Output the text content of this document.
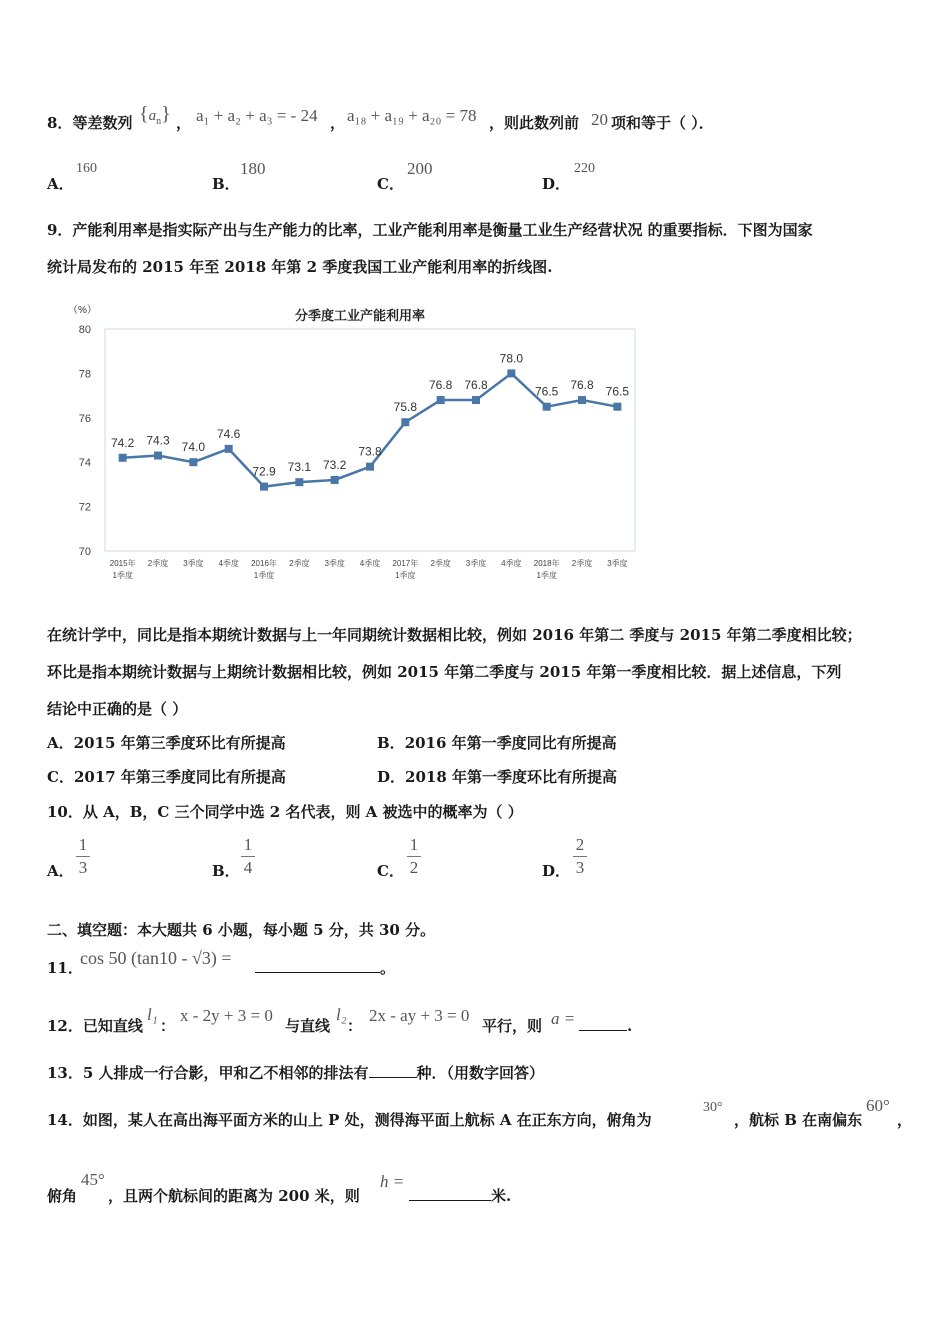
8．等差数列 $\{a_n\}$ ， a₁ + a₂ + a₃ = - 24 ， a₁₈ + a₁₉ + a₂₀ = 78 ，则此数列前 20 项和等于（ ）．
A．
160
B．
180
C．
200
D．
220
9．产能利用率是指实际产出与生产能力的比率，工业产能利用率是衡量工业生产经营状况 的重要指标．下图为国家
统计局发布的 2015 年至 2018 年第 2 季度我国工业产能利用率的折线图.
（%）	分季度工业产能利用率
80
78
76
74
72
70
2015年
1季度
2季度 3季度 4季度 2016年
1季度
2季度 3季度 4季度 2017年
1季度
2季度 3季度 4季度 2018年
1季度
2季度 3季度
74.2 74.3 74.0
74.6
72.9 73.1 73.2
73.8
75.8
76.8 76.8
78.0
76.5 76.8 76.5
在统计学中，同比是指本期统计数据与上一年同期统计数据相比较，例如 2016 年第二 季度与 2015 年第二季度相比较；
环比是指本期统计数据与上期统计数据相比较，例如 2015 年第二季度与 2015 年第一季度相比较．据上述信息，下列
结论中正确的是（ ）
A．2015 年第三季度环比有所提高	B．2016 年第一季度同比有所提高
C．2017 年第三季度同比有所提高	D．2018 年第一季度环比有所提高
10．从 A，B，C 三个同学中选 2 名代表，则 A 被选中的概率为（ ）
A．
1
3	B．
1
4	C．
1
2	D．
2
3
二、填空题：本大题共 6 小题，每小题 5 分，共 30 分。
11．
cos 50 (tan10 - √3) =	。
12．已知直线
l₁
：
x - 2y + 3 = 0
与直线
l₂
：
2x - ay + 3 = 0
平行，则 a =	.
13．5 人排成一行合影，甲和乙不相邻的排法有	种．（用数字回答）
14．如图，某人在高出海平面方米的山上 P 处，测得海平面上航标 A 在正东方向，俯角为
30°
，航标 B 在南偏东
60°
，
俯角
45°
，且两个航标间的距离为 200 米，则
h =
米.
